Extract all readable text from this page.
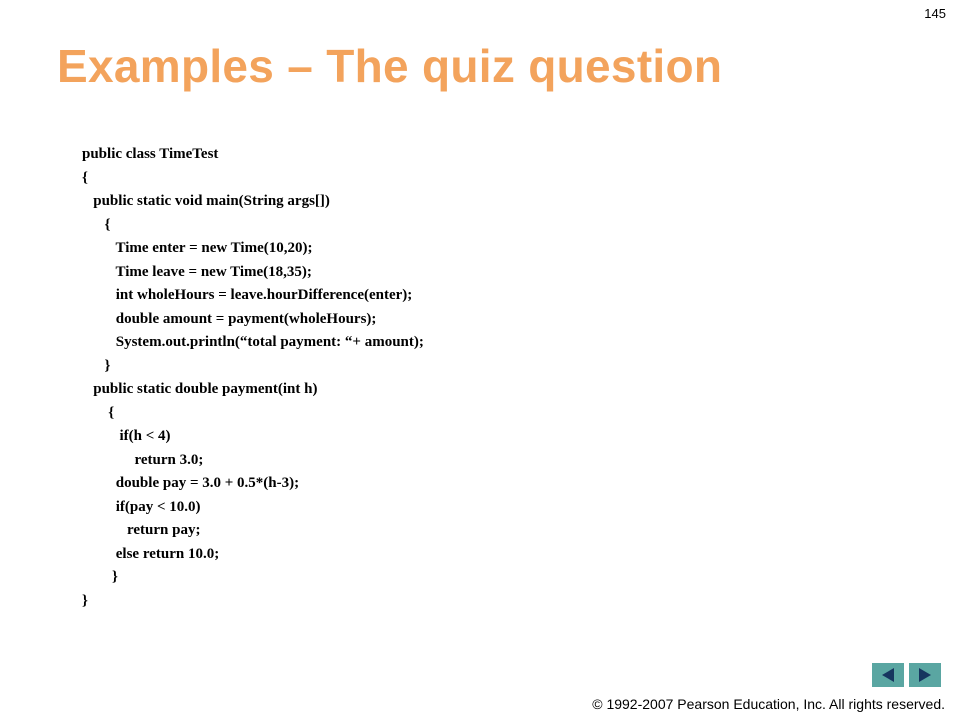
145
Examples – The quiz question
public class TimeTest
{
public static void main(String args[])
{
Time enter = new Time(10,20);
Time leave = new Time(18,35);
int wholeHours = leave.hourDifference(enter);
double amount = payment(wholeHours);
System.out.println(“total payment: “+ amount);
}
public static double payment(int h)
{
if(h < 4)
return 3.0;
double pay = 3.0 + 0.5*(h-3);
if(pay < 10.0)
return pay;
else return 10.0;
}
}
© 1992-2007 Pearson Education, Inc. All rights reserved.
